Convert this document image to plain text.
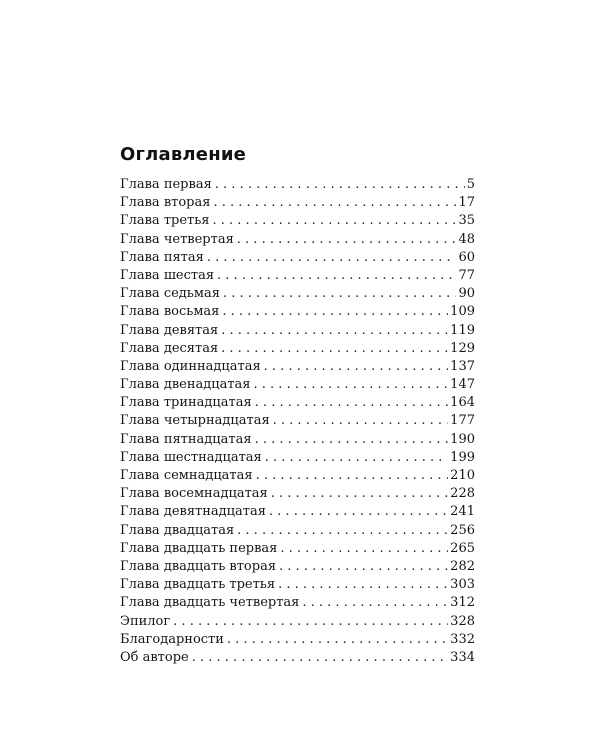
Оглавление
Глава первая . . .	5
Глава вторая . . .	17
Глава третья . . .	35
Глава четвертая . . .	48
Глава пятая . . .	60
Глава шестая . . .	77
Глава седьмая . . .	90
Глава восьмая . . .	109
Глава девятая . . .	119
Глава десятая . . .	129
Глава одиннадцатая . . .	137
Глава двенадцатая . . .	147
Глава тринадцатая . . .	164
Глава четырнадцатая . . .	177
Глава пятнадцатая . . .	190
Глава шестнадцатая . . .	199
Глава семнадцатая . . .	210
Глава восемнадцатая . . .	228
Глава девятнадцатая . . .	241
Глава двадцатая . . .	256
Глава двадцать первая . . .	265
Глава двадцать вторая . . .	282
Глава двадцать третья . . .	303
Глава двадцать четвертая . . .	312
Эпилог . . .	328
Благодарности . . .	332
Об авторе . . .	334
